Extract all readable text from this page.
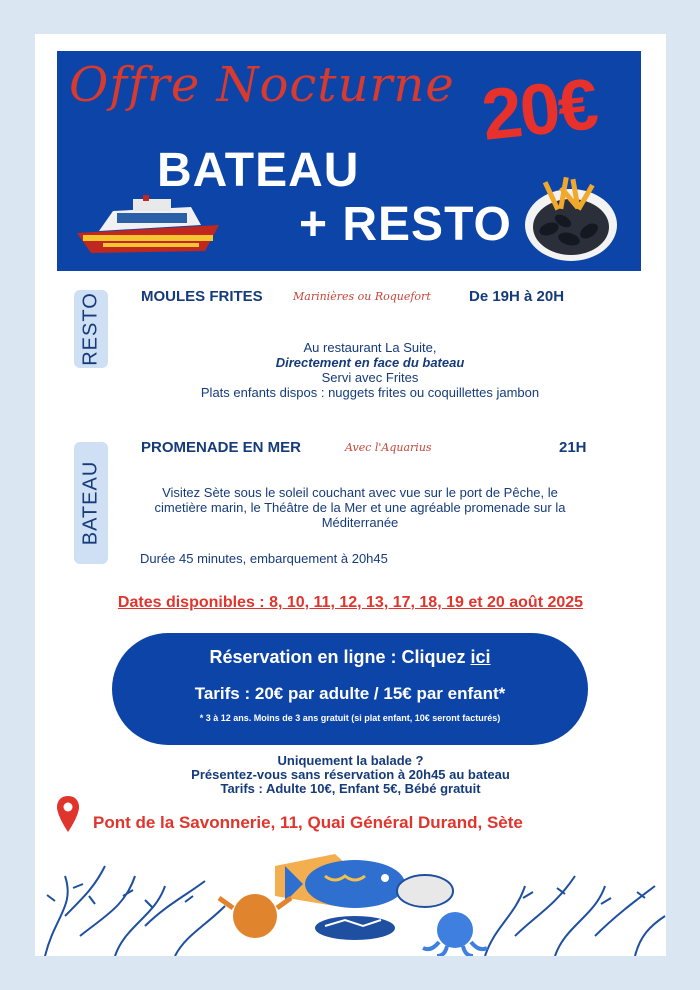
Offre Nocturne 20€
BATEAU
+ RESTO
RESTO	MOULES FRITES	Marinières ou Roquefort	De 19H à 20H
Au restaurant La Suite,
Directement en face du bateau
Servi avec Frites
Plats enfants dispos : nuggets frites ou coquillettes jambon
BATEAU
PROMENADE EN MER	Avec l'Aquarius	21H
Visitez Sète sous le soleil couchant avec vue sur le port de Pêche, le cimetière marin, le Théâtre de la Mer et une agréable promenade sur la Méditerranée
Durée 45 minutes, embarquement à 20h45
Dates disponibles : 8, 10, 11, 12, 13, 17, 18, 19 et 20 août 2025
Réservation en ligne : Cliquez ici
Tarifs : 20€ par adulte / 15€ par enfant*
* 3 à 12 ans. Moins de 3 ans gratuit (si plat enfant, 10€ seront facturés)
Uniquement la balade ?
Présentez-vous sans réservation à 20h45 au bateau
Tarifs : Adulte 10€, Enfant 5€, Bébé gratuit
Pont de la Savonnerie, 11, Quai Général Durand, Sète
